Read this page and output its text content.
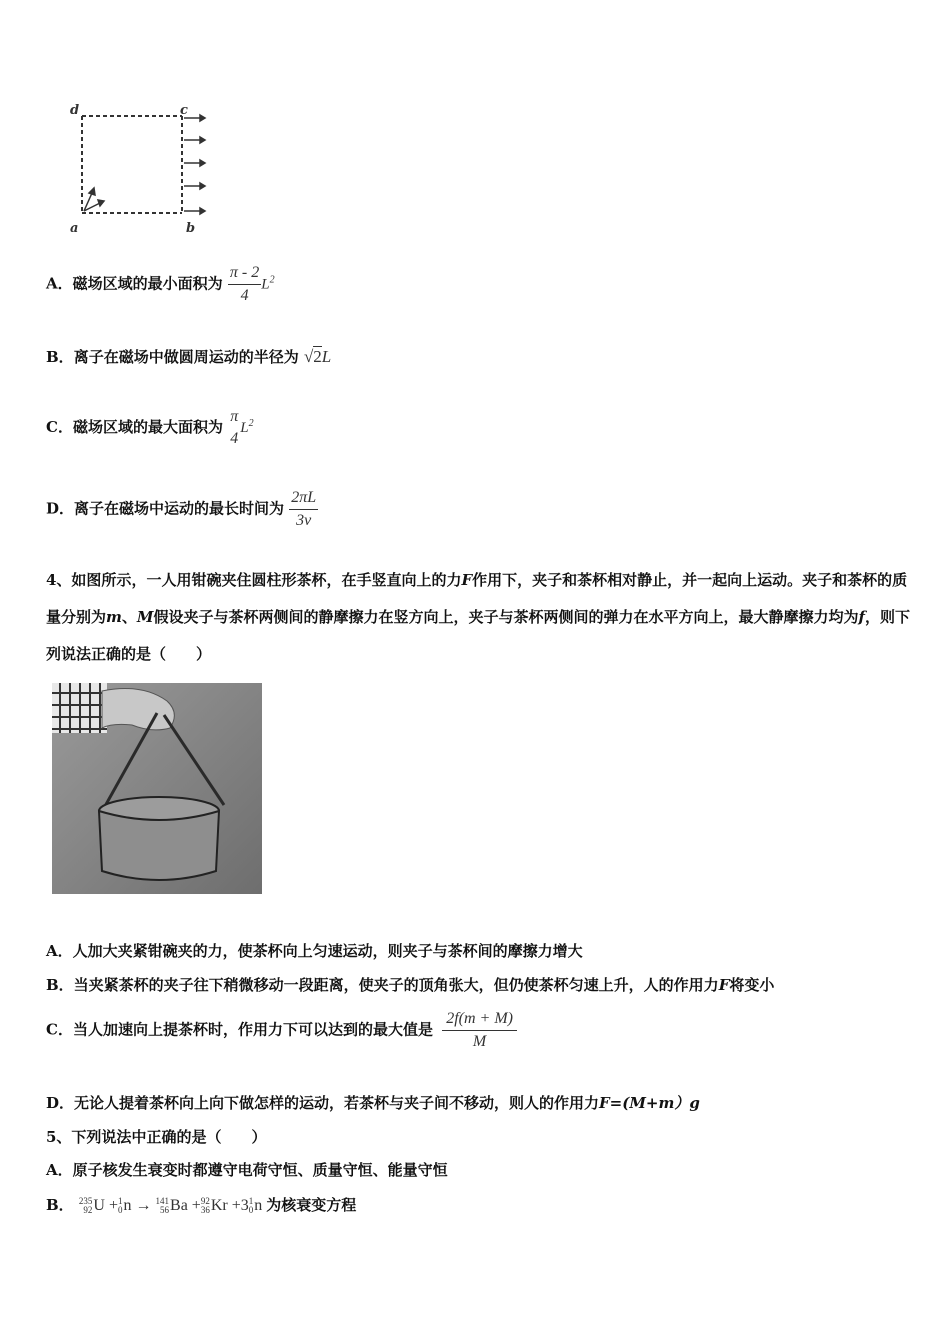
d	c
a	b
A．磁场区域的最小面积为 $\frac{\pi - 2}{4} L^2$
B．离子在磁场中做圆周运动的半径为 √2L
C．磁场区域的最大面积为
π
4
$L^2$
D．离子在磁场中运动的最长时间为 $\frac{2\pi L}{3v}$
4、如图所示，一人用钳碗夹住圆柱形茶杯，在手竖直向上的力F作用下，夹子和茶杯相对静止，并一起向上运动。夹子和茶杯的质量分别为m、M假设夹子与茶杯两侧间的静摩擦力在竖方向上，夹子与茶杯两侧间的弹力在水平方向上，最大静摩擦力均为f，则下列说法正确的是（　　）
A．人加大夹紧钳碗夹的力，使茶杯向上匀速运动，则夹子与茶杯间的摩擦力增大
B．当夹紧茶杯的夹子往下稍微移动一段距离，使夹子的顶角张大，但仍使茶杯匀速上升，人的作用力F将变小
C．当人加速向上提茶杯时，作用力下可以达到的最大值是 $\frac{2f(m + M)}{M}$
D．无论人提着茶杯向上向下做怎样的运动，若茶杯与夹子间不移动，则人的作用力F=(M+m）g
5、下列说法中正确的是（　　）
A．原子核发生衰变时都遵守电荷守恒、质量守恒、能量守恒
B． 235
92U +1
0n → 141
56Ba +92
36Kr +31
0n 为核衰变方程
